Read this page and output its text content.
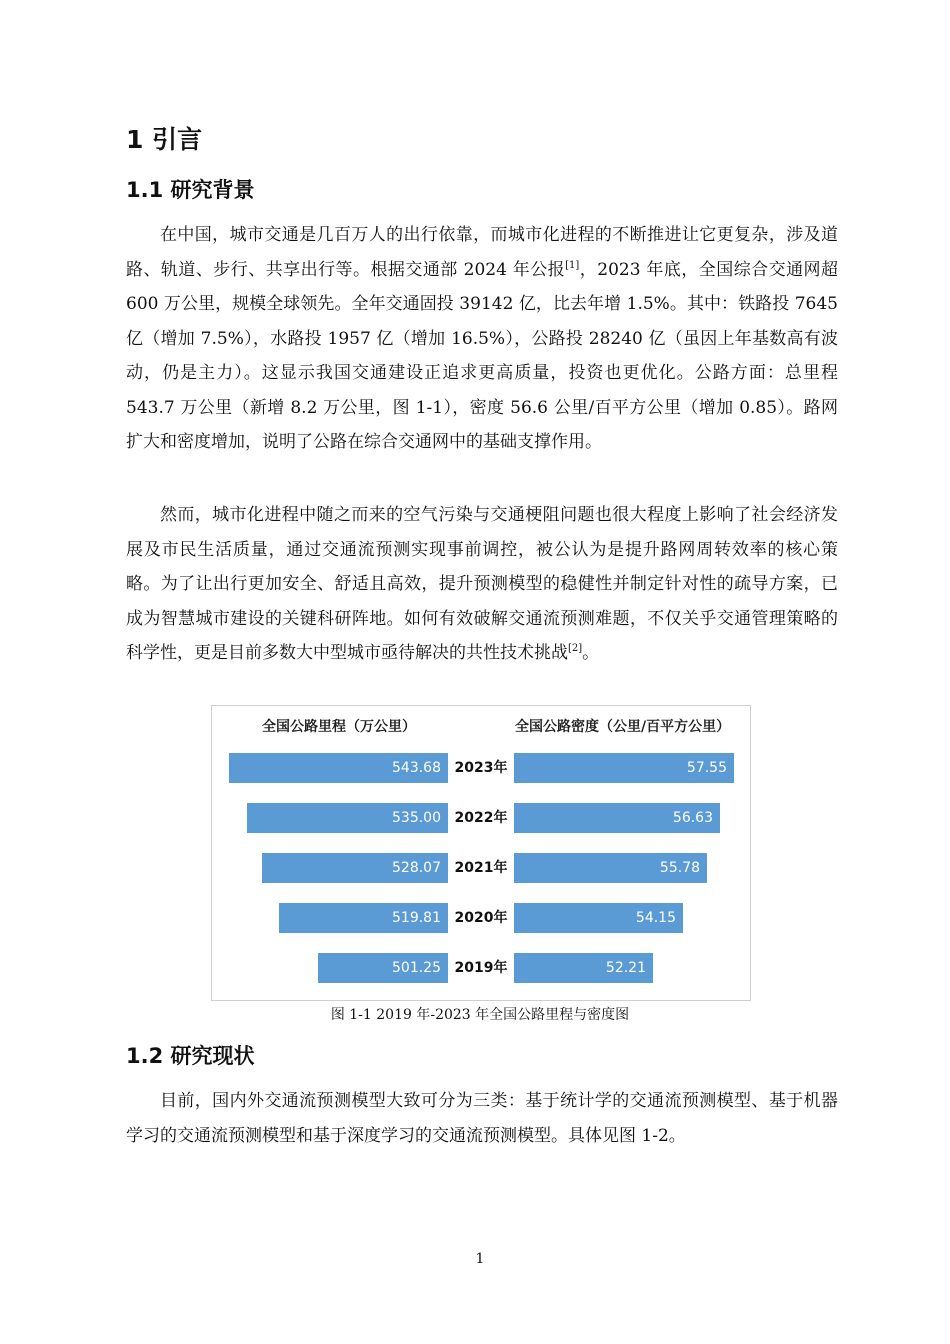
1 引言
1.1 研究背景

在中国，城市交通是几百万人的出行依靠，而城市化进程的不断推进让它更复杂，涉及道路、轨道、步行、共享出行等。根据交通部 2024 年公报[1]，2023 年底，全国综合交通网超 600 万公里，规模全球领先。全年交通固投 39142 亿，比去年增 1.5%。其中：铁路投 7645 亿（增加 7.5%），水路投 1957 亿（增加 16.5%），公路投 28240 亿（虽因上年基数高有波动，仍是主力）。这显示我国交通建设正追求更高质量，投资也更优化。公路方面：总里程 543.7 万公里（新增 8.2 万公里，图 1-1），密度 56.6 公里/百平方公里（增加 0.85）。路网扩大和密度增加，说明了公路在综合交通网中的基础支撑作用。

然而，城市化进程中随之而来的空气污染与交通梗阻问题也很大程度上影响了社会经济发展及市民生活质量，通过交通流预测实现事前调控，被公认为是提升路网周转效率的核心策略。为了让出行更加安全、舒适且高效，提升预测模型的稳健性并制定针对性的疏导方案，已成为智慧城市建设的关键科研阵地。如何有效破解交通流预测难题，不仅关乎交通管理策略的科学性，更是目前多数大中型城市亟待解决的共性技术挑战[2]。

全国公路里程（万公里）	全国公路密度（公里/百平方公里）
543.68 2023年	57.55
535.00 2022年	56.63
528.07 2021年	55.78
519.81 2020年	54.15
501.25 2019年	52.21
图 1-1 2019 年-2023 年全国公路里程与密度图
1.2 研究现状

目前，国内外交通流预测模型大致可分为三类：基于统计学的交通流预测模型、基于机器学习的交通流预测模型和基于深度学习的交通流预测模型。具体见图 1-2。

1
